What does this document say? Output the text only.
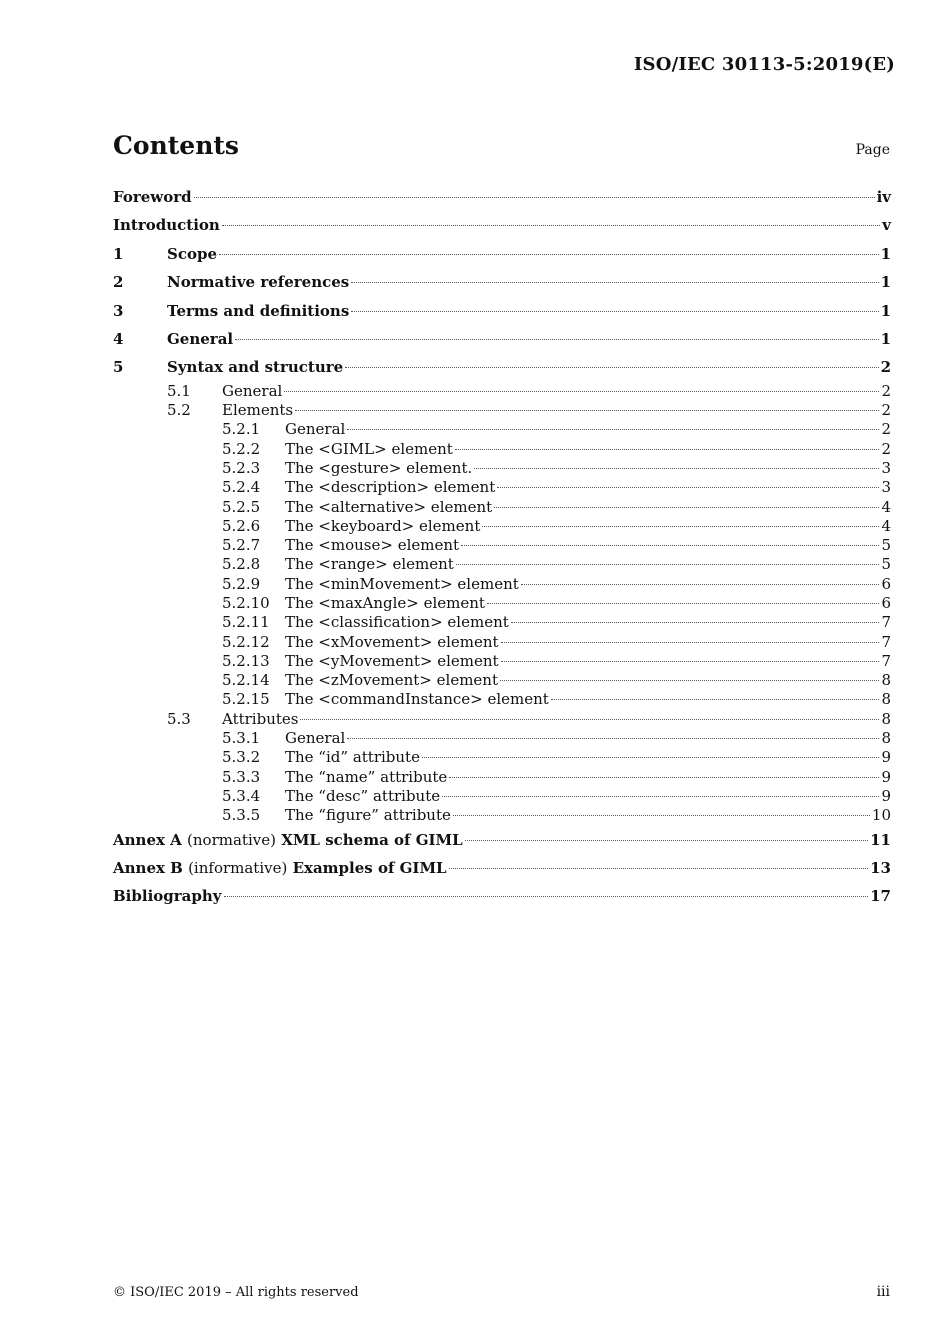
ISO/IEC 30113-5:2019(E)
Contents	Page
Foreword	iv
Introduction	v
1	Scope	1
2	Normative references	1
3	Terms and definitions	1
4	General	1
5	Syntax and structure	2
5.1	General	2
5.2	Elements	2
5.2.1	General	2
5.2.2	The <GIML> element	2
5.2.3	The <gesture> element.	3
5.2.4	The <description> element	3
5.2.5	The <alternative> element	4
5.2.6	The <keyboard> element	4
5.2.7	The <mouse> element	5
5.2.8	The <range> element	5
5.2.9	The <minMovement> element	6
5.2.10	The <maxAngle> element	6
5.2.11	The <classification> element	7
5.2.12	The <xMovement> element	7
5.2.13	The <yMovement> element	7
5.2.14	The <zMovement> element	8
5.2.15	The <commandInstance> element	8
5.3	Attributes	8
5.3.1	General	8
5.3.2	The “id” attribute	9
5.3.3	The “name” attribute	9
5.3.4	The “desc” attribute	9
5.3.5	The “figure” attribute	10
Annex A (normative) XML schema of GIML	11
Annex B (informative) Examples of GIML	13
Bibliography	17
© ISO/IEC 2019 – All rights reserved	iii
